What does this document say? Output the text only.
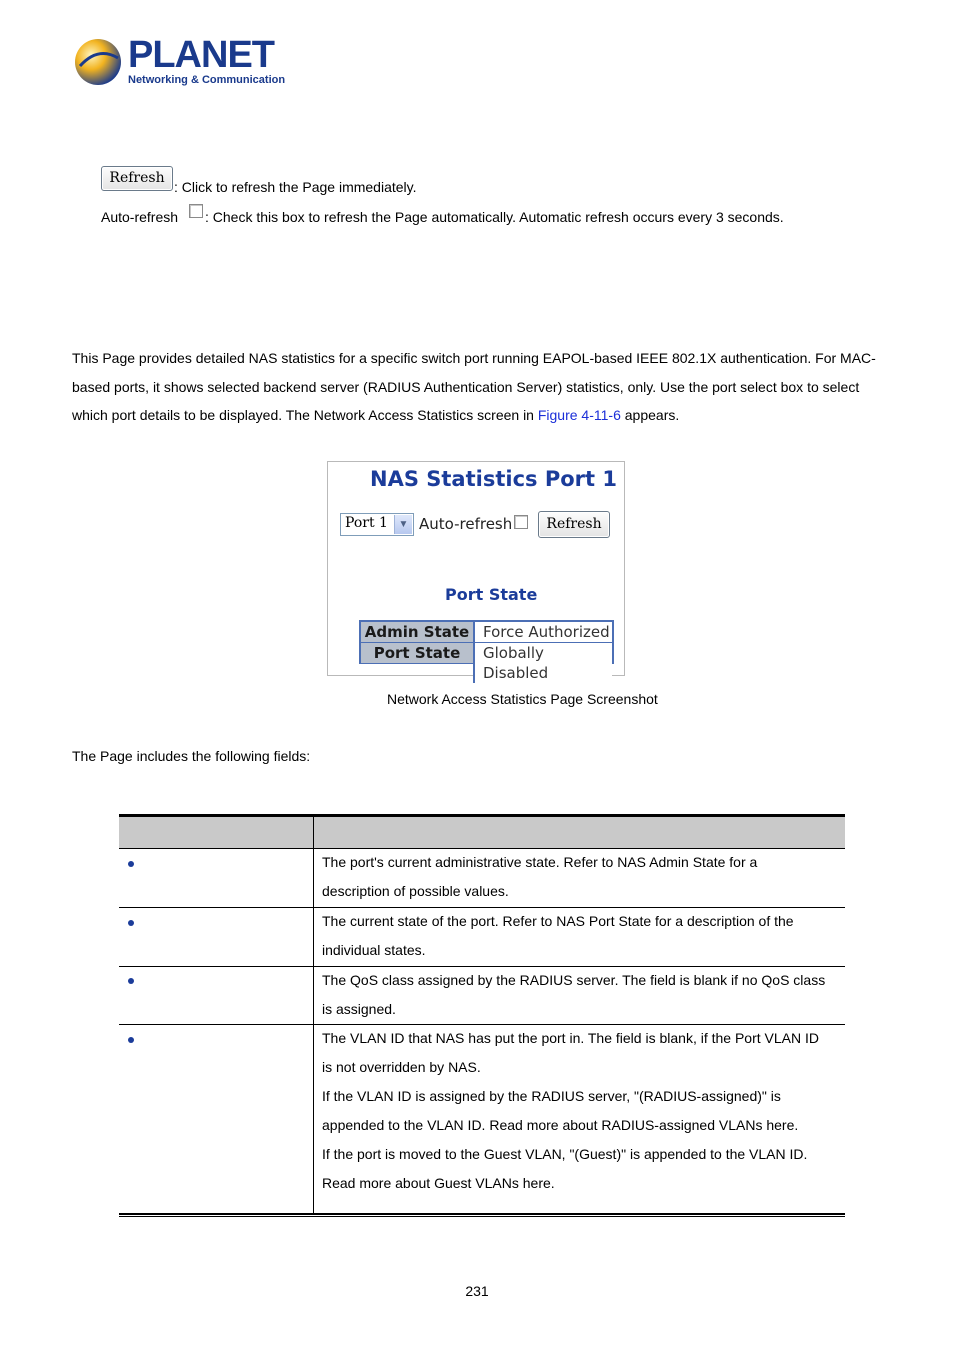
PLANET
Networking & Communication
Refresh
: Click to refresh the Page immediately.
Auto-refresh : Check this box to refresh the Page automatically. Automatic refresh occurs every 3 seconds.
This Page provides detailed NAS statistics for a specific switch port running EAPOL-based IEEE 802.1X authentication. For MAC-based ports, it shows selected backend server (RADIUS Authentication Server) statistics, only. Use the port select box to select which port details to be displayed. The Network Access Statistics screen in Figure 4-11-6 appears.
NAS Statistics Port 1
Port 1	▼ Auto-refresh	Refresh
Port State
Admin State Force Authorized
Port State	Globally Disabled
Network Access Statistics Page Screenshot
The Page includes the following fields:
The port's current administrative state. Refer to NAS Admin State for a
description of possible values.
The current state of the port. Refer to NAS Port State for a description of the
individual states.
The QoS class assigned by the RADIUS server. The field is blank if no QoS class
is assigned.
The VLAN ID that NAS has put the port in. The field is blank, if the Port VLAN ID
is not overridden by NAS.
If the VLAN ID is assigned by the RADIUS server, "(RADIUS-assigned)" is
appended to the VLAN ID. Read more about RADIUS-assigned VLANs here.
If the port is moved to the Guest VLAN, "(Guest)" is appended to the VLAN ID.
Read more about Guest VLANs here.
231
